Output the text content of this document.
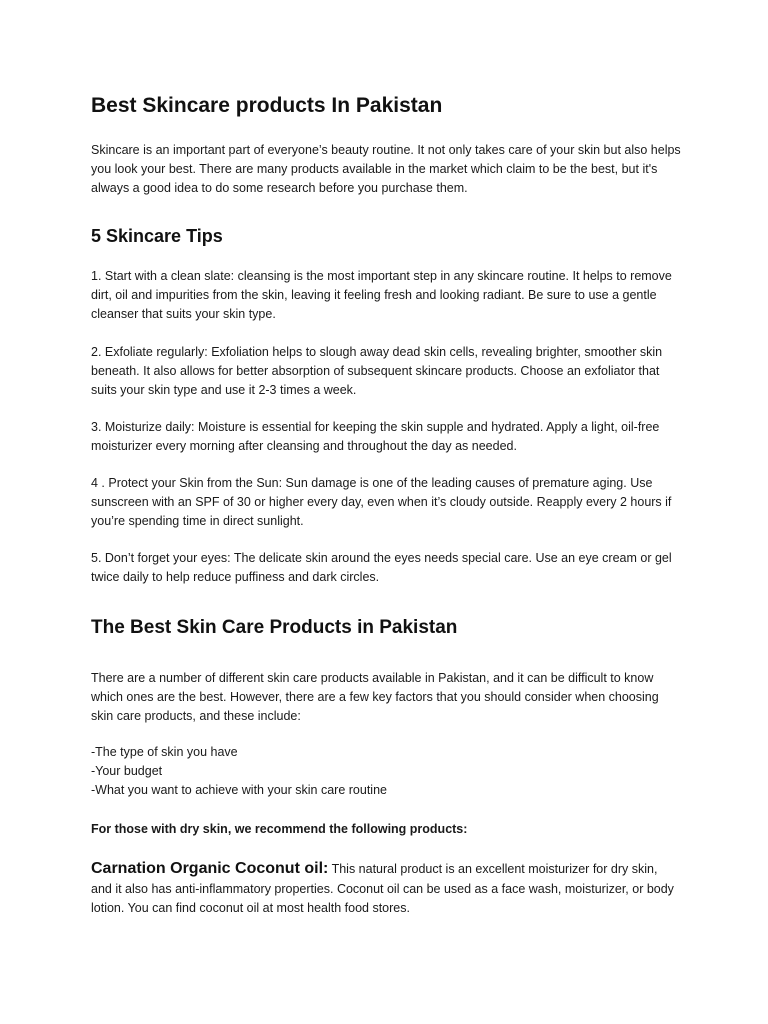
Best Skincare products In Pakistan

Skincare is an important part of everyone’s beauty routine. It not only takes care of your skin but also helps you look your best. There are many products available in the market which claim to be the best, but it's always a good idea to do some research before you purchase them.

5 Skincare Tips

1. Start with a clean slate: cleansing is the most important step in any skincare routine. It helps to remove dirt, oil and impurities from the skin, leaving it feeling fresh and looking radiant. Be sure to use a gentle cleanser that suits your skin type.

2. Exfoliate regularly: Exfoliation helps to slough away dead skin cells, revealing brighter, smoother skin beneath. It also allows for better absorption of subsequent skincare products. Choose an exfoliator that suits your skin type and use it 2-3 times a week.

3. Moisturize daily: Moisture is essential for keeping the skin supple and hydrated. Apply a light, oil-free moisturizer every morning after cleansing and throughout the day as needed.

4 . Protect your Skin from the Sun: Sun damage is one of the leading causes of premature aging. Use sunscreen with an SPF of 30 or higher every day, even when it’s cloudy outside. Reapply every 2 hours if you’re spending time in direct sunlight.

5. Don’t forget your eyes: The delicate skin around the eyes needs special care. Use an eye cream or gel twice daily to help reduce puffiness and dark circles.

The Best Skin Care Products in Pakistan

There are a number of different skin care products available in Pakistan, and it can be difficult to know which ones are the best. However, there are a few key factors that you should consider when choosing skin care products, and these include:

-The type of skin you have
-Your budget
-What you want to achieve with your skin care routine

For those with dry skin, we recommend the following products:

Carnation Organic Coconut oil: This natural product is an excellent moisturizer for dry skin, and it also has anti-inflammatory properties. Coconut oil can be used as a face wash, moisturizer, or body lotion. You can find coconut oil at most health food stores.
